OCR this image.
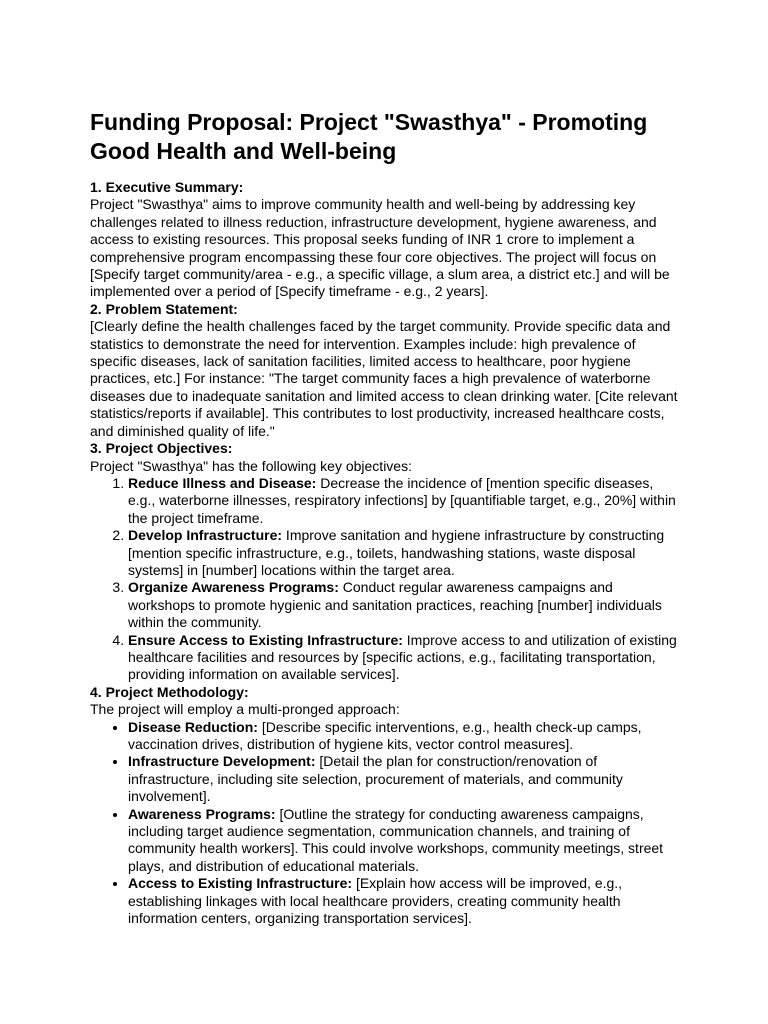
Funding Proposal: Project "Swasthya" - Promoting Good Health and Well-being
1. Executive Summary:

Project "Swasthya" aims to improve community health and well-being by addressing key challenges related to illness reduction, infrastructure development, hygiene awareness, and access to existing resources. This proposal seeks funding of INR 1 crore to implement a comprehensive program encompassing these four core objectives. The project will focus on [Specify target community/area - e.g., a specific village, a slum area, a district etc.] and will be implemented over a period of [Specify timeframe - e.g., 2 years].

2. Problem Statement:

[Clearly define the health challenges faced by the target community. Provide specific data and statistics to demonstrate the need for intervention. Examples include: high prevalence of specific diseases, lack of sanitation facilities, limited access to healthcare, poor hygiene practices, etc.] For instance: "The target community faces a high prevalence of waterborne diseases due to inadequate sanitation and limited access to clean drinking water. [Cite relevant statistics/reports if available]. This contributes to lost productivity, increased healthcare costs, and diminished quality of life."

3. Project Objectives:

Project "Swasthya" has the following key objectives:

1. Reduce Illness and Disease: Decrease the incidence of [mention specific diseases, e.g., waterborne illnesses, respiratory infections] by [quantifiable target, e.g., 20%] within the project timeframe.
2. Develop Infrastructure: Improve sanitation and hygiene infrastructure by constructing [mention specific infrastructure, e.g., toilets, handwashing stations, waste disposal systems] in [number] locations within the target area.
3. Organize Awareness Programs: Conduct regular awareness campaigns and workshops to promote hygienic and sanitation practices, reaching [number] individuals within the community.
4. Ensure Access to Existing Infrastructure: Improve access to and utilization of existing healthcare facilities and resources by [specific actions, e.g., facilitating transportation, providing information on available services].
4. Project Methodology:

The project will employ a multi-pronged approach:

• Disease Reduction: [Describe specific interventions, e.g., health check-up camps, vaccination drives, distribution of hygiene kits, vector control measures].
• Infrastructure Development: [Detail the plan for construction/renovation of infrastructure, including site selection, procurement of materials, and community involvement].
• Awareness Programs: [Outline the strategy for conducting awareness campaigns, including target audience segmentation, communication channels, and training of community health workers]. This could involve workshops, community meetings, street plays, and distribution of educational materials.
• Access to Existing Infrastructure: [Explain how access will be improved, e.g., establishing linkages with local healthcare providers, creating community health information centers, organizing transportation services].
